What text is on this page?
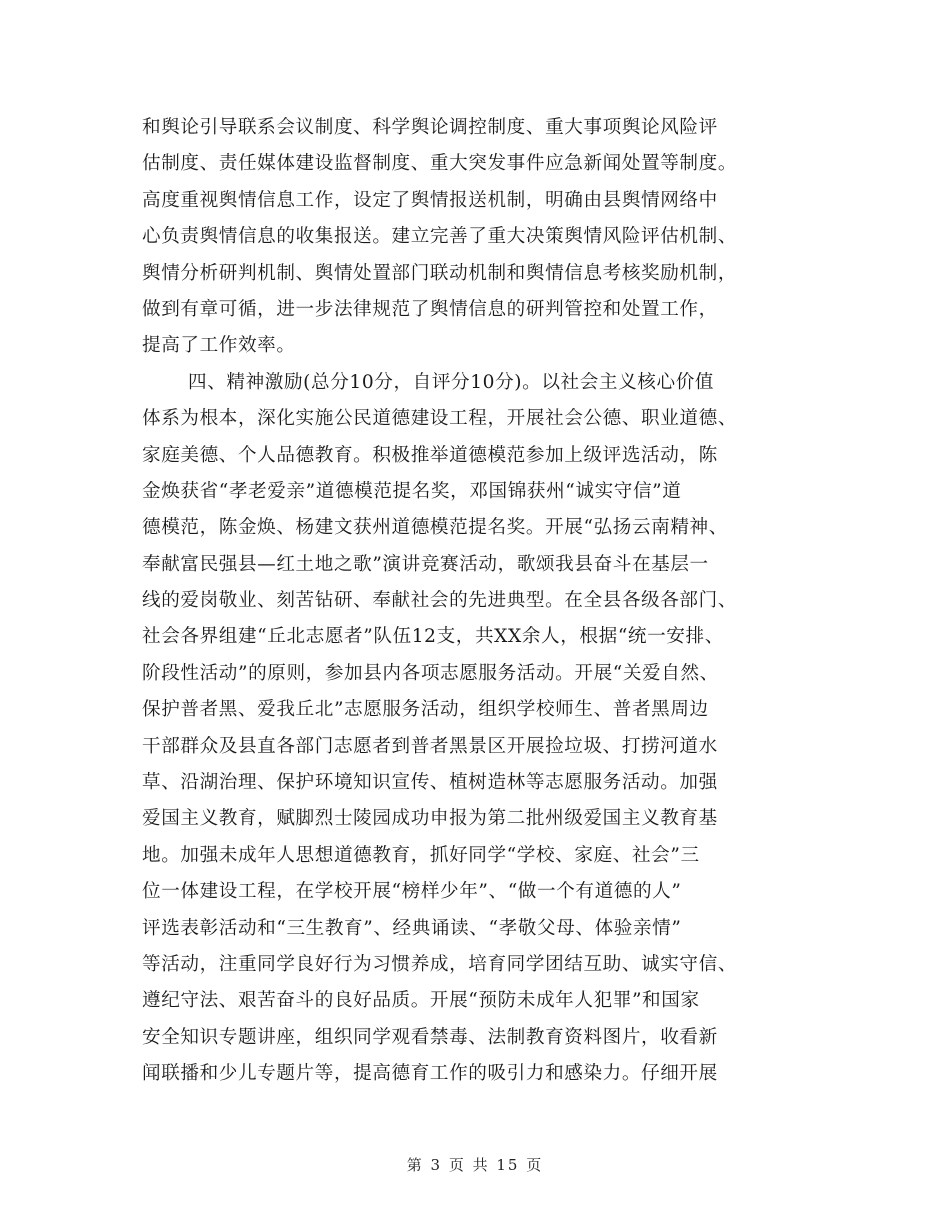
和舆论引导联系会议制度、科学舆论调控制度、重大事项舆论风险评
估制度、责任媒体建设监督制度、重大突发事件应急新闻处置等制度。
高度重视舆情信息工作，设定了舆情报送机制，明确由县舆情网络中
心负责舆情信息的收集报送。建立完善了重大决策舆情风险评估机制、
舆情分析研判机制、舆情处置部门联动机制和舆情信息考核奖励机制，
做到有章可循，进一步法律规范了舆情信息的研判管控和处置工作，
提高了工作效率。
四、精神激励(总分10分，自评分10分)。以社会主义核心价值
体系为根本，深化实施公民道德建设工程，开展社会公德、职业道德、
家庭美德、个人品德教育。积极推举道德模范参加上级评选活动，陈
金焕获省“孝老爱亲”道德模范提名奖，邓国锦获州“诚实守信”道
德模范，陈金焕、杨建文获州道德模范提名奖。开展“弘扬云南精神、
奉献富民强县—红土地之歌”演讲竞赛活动，歌颂我县奋斗在基层一
线的爱岗敬业、刻苦钻研、奉献社会的先进典型。在全县各级各部门、
社会各界组建“丘北志愿者”队伍12支，共XX余人，根据“统一安排、
阶段性活动”的原则，参加县内各项志愿服务活动。开展“关爱自然、
保护普者黑、爱我丘北”志愿服务活动，组织学校师生、普者黑周边
干部群众及县直各部门志愿者到普者黑景区开展捡垃圾、打捞河道水
草、沿湖治理、保护环境知识宣传、植树造林等志愿服务活动。加强
爱国主义教育，赋脚烈士陵园成功申报为第二批州级爱国主义教育基
地。加强未成年人思想道德教育，抓好同学“学校、家庭、社会”三
位一体建设工程，在学校开展“榜样少年”、“做一个有道德的人”
评选表彰活动和“三生教育”、经典诵读、“孝敬父母、体验亲情”
等活动，注重同学良好行为习惯养成，培育同学团结互助、诚实守信、
遵纪守法、艰苦奋斗的良好品质。开展“预防未成年人犯罪”和国家
安全知识专题讲座，组织同学观看禁毒、法制教育资料图片，收看新
闻联播和少儿专题片等，提高德育工作的吸引力和感染力。仔细开展
第 3 页 共 15 页
